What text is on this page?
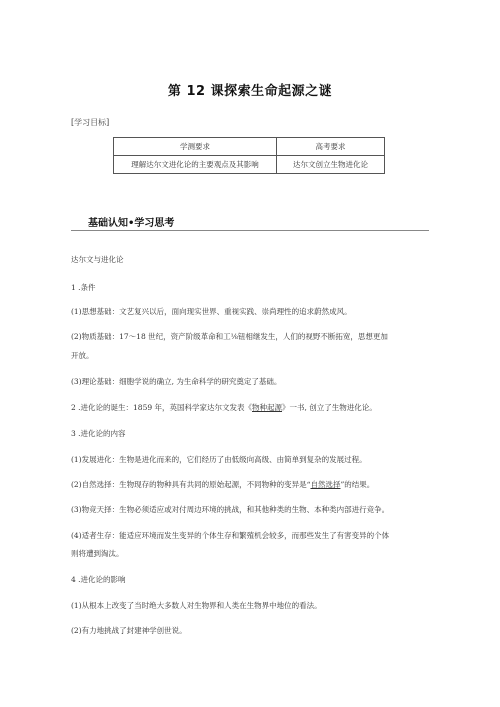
第 12 课探索生命起源之谜
[学习目标]
学测要求	高考要求
理解达尔文进化论的主要观点及其影响	达尔文创立生物进化论
基础认知•学习思考
达尔文与进化论
1 .条件
(1)思想基础：文艺复兴以后，面向现实世界、重视实践、崇尚理性的追求蔚然成风。
(2)物质基础：17〜18 世纪，资产阶级革命和工⅛钮相继发生，人们的视野不断拓宽，思想更加
开放。
(3)理论基础：细胞学说的确立, 为生命科学的研究奠定了基础。
2 .进化论的诞生：1859 年，英国科学家达尔文发表《物种起源》一书, 创立了生物进化论。
3 .进化论的内容
(1)发展进化：生物是进化而来的，它们经历了由低级向高级、由简单到复杂的发展过程。
(2)自然选择：生物现存的物种具有共同的原始起源，不同物种的变异是“自然选择”的结果。
(3)物竞天择：生物必须适应或对付周边环境的挑战，和其他种类的生物、本种类内部进行竞争。
(4)适者生存：能适应环境而发生变异的个体生存和繁殖机会较多，而那些发生了有害变异的个体
则将遭到淘汰。
4 .进化论的影响
(1)从根本上改变了当时绝大多数人对生物界和人类在生物界中地位的看法。
(2)有力地挑战了封建神学创世说。
